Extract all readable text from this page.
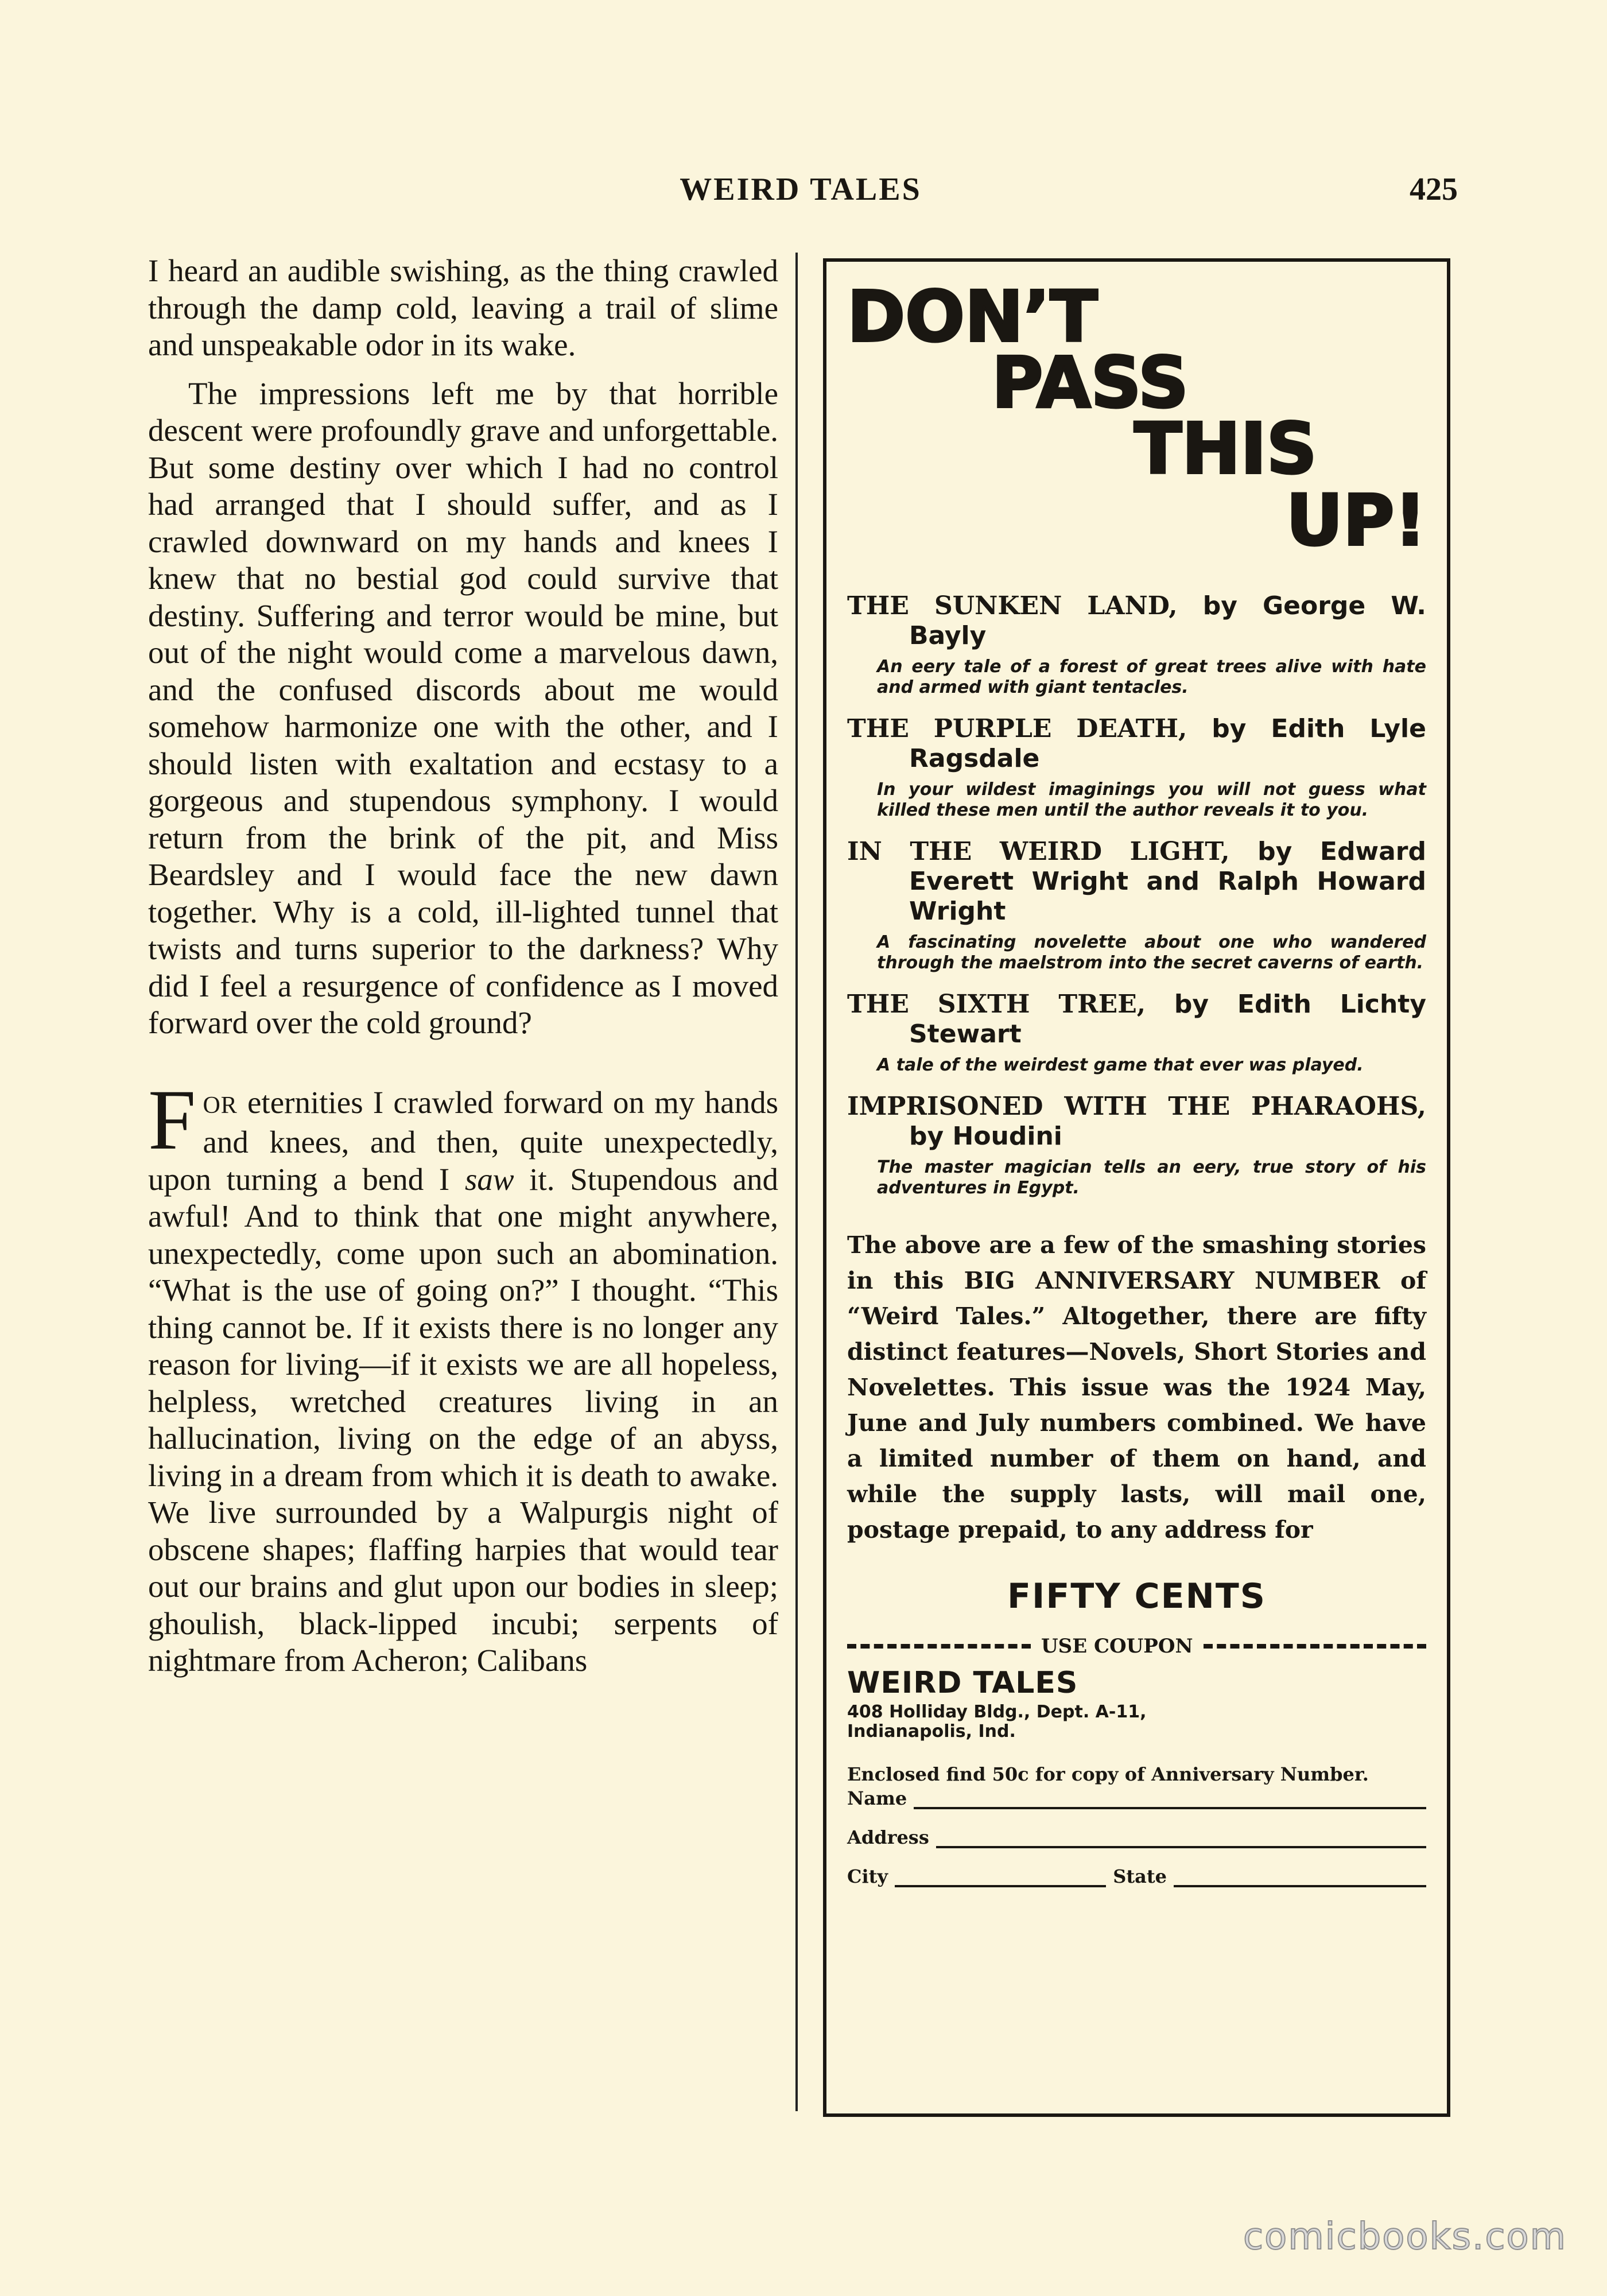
WEIRD TALES	425

I heard an audible swishing, as the thing crawled through the damp cold, leaving a trail of slime and unspeakable odor in its wake.

The impressions left me by that horrible descent were profoundly grave and unforgettable. But some destiny over which I had no control had arranged that I should suffer, and as I crawled downward on my hands and knees I knew that no bestial god could survive that destiny. Suffering and terror would be mine, but out of the night would come a marvelous dawn, and the confused discords about me would somehow harmonize one with the other, and I should listen with exaltation and ecstasy to a gorgeous and stupendous symphony. I would return from the brink of the pit, and Miss Beardsley and I would face the new dawn together. Why is a cold, ill-lighted tunnel that twists and turns superior to the darkness? Why did I feel a resurgence of confidence as I moved forward over the cold ground?

FOR eternities I crawled forward on my hands and knees, and then, quite unexpectedly, upon turning a bend I saw it. Stupendous and awful! And to think that one might anywhere, unexpectedly, come upon such an abomination. “What is the use of going on?” I thought. “This thing cannot be. If it exists there is no longer any reason for living—if it exists we are all hopeless, helpless, wretched creatures living in an hallucination, living on the edge of an abyss, living in a dream from which it is death to awake. We live surrounded by a Walpurgis night of obscene shapes; flaffing harpies that would tear out our brains and glut upon our bodies in sleep; ghoulish, black-lipped incubi; serpents of nightmare from Acheron; Calibans

DON’T
PASS
THIS
UP!
THE SUNKEN LAND, by George W. Bayly
An eery tale of a forest of great trees alive with hate and armed with giant tentacles.
THE PURPLE DEATH, by Edith Lyle Ragsdale
In your wildest imaginings you will not guess what killed these men until the author reveals it to you.
IN THE WEIRD LIGHT, by Edward Everett Wright and Ralph Howard Wright
A fascinating novelette about one who wandered through the maelstrom into the secret caverns of earth.
THE SIXTH TREE, by Edith Lichty Stewart
A tale of the weirdest game that ever was played.
IMPRISONED WITH THE PHARAOHS, by Houdini
The master magician tells an eery, true story of his adventures in Egypt.
The above are a few of the smashing stories in this BIG ANNIVERSARY NUMBER of “Weird Tales.” Altogether, there are fifty distinct features—Novels, Short Stories and Novelettes. This issue was the 1924 May, June and July numbers combined. We have a limited number of them on hand, and while the supply lasts, will mail one, postage prepaid, to any address for
FIFTY CENTS
USE COUPON
WEIRD TALES
408 Holliday Bldg., Dept. A-11,
Indianapolis, Ind.
Enclosed find 50c for copy of Anniversary Number.
Name
Address
City	State
comicbooks.com
